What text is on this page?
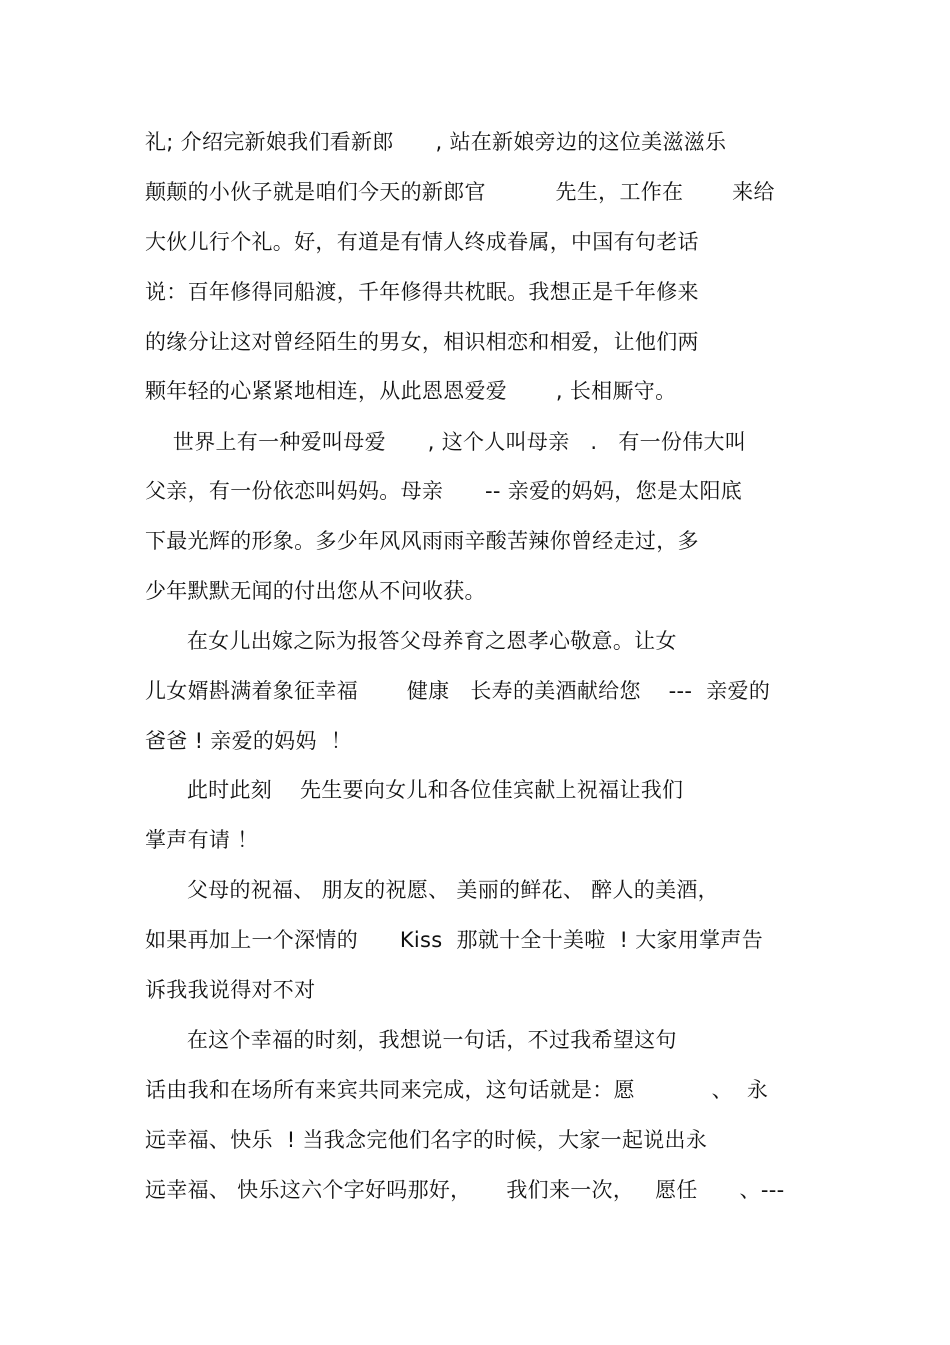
礼; 介绍完新娘我们看新郎      , 站在新娘旁边的这位美滋滋乐
颠颠的小伙子就是咱们今天的新郎官          先生，工作在       来给
大伙儿行个礼。好，有道是有情人终成眷属，中国有句老话
说：百年修得同船渡，千年修得共枕眠。我想正是千年修来
的缘分让这对曾经陌生的男女，相识相恋和相爱，让他们两
颗年轻的心紧紧地相连，从此恩恩爱爱       , 长相厮守。
世界上有一种爱叫母爱      , 这个人叫母亲   .   有一份伟大叫
父亲，有一份依恋叫妈妈。母亲      -- 亲爱的妈妈，您是太阳底
下最光辉的形象。多少年风风雨雨辛酸苦辣你曾经走过，多
少年默默无闻的付出您从不问收获。
在女儿出嫁之际为报答父母养育之恩孝心敬意。让女
儿女婿斟满着象征幸福       健康   长寿的美酒献给您    ---  亲爱的
爸爸 ! 亲爱的妈妈  ！
此时此刻    先生要向女儿和各位佳宾献上祝福让我们
掌声有请 ！
父母的祝福、 朋友的祝愿、 美丽的鲜花、 醉人的美酒，
如果再加上一个深情的      Kiss  那就十全十美啦  ! 大家用掌声告
诉我我说得对不对
在这个幸福的时刻，我想说一句话，不过我希望这句
话由我和在场所有来宾共同来完成，这句话就是：愿           、  永
远幸福、快乐  ! 当我念完他们名字的时候，大家一起说出永
远幸福、 快乐这六个字好吗那好，     我们来一次，   愿任      、---
